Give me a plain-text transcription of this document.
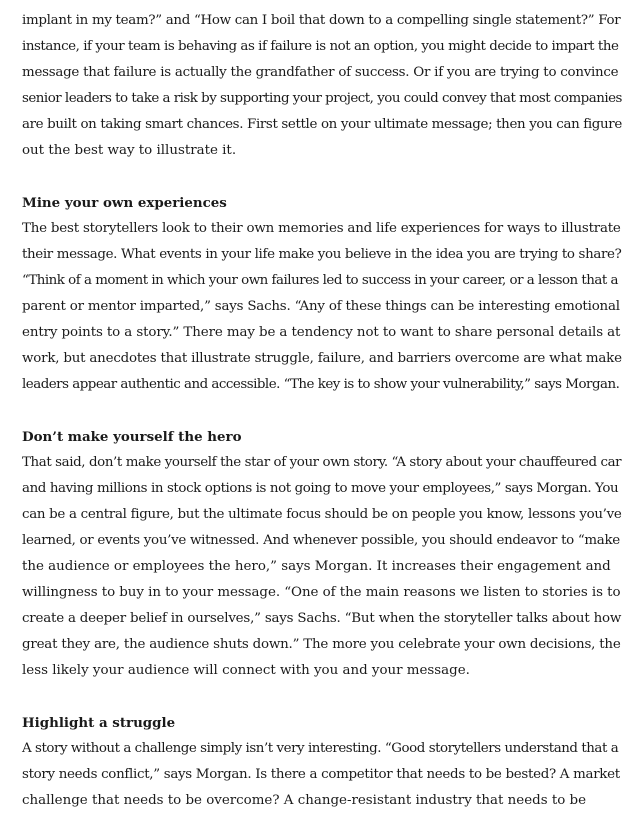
implant in my team?” and “How can I boil that down to a compelling single statement?” For
instance, if your team is behaving as if failure is not an option, you might decide to impart the
message that failure is actually the grandfather of success. Or if you are trying to convince
senior leaders to take a risk by supporting your project, you could convey that most companies
are built on taking smart chances. First settle on your ultimate message; then you can figure
out the best way to illustrate it.
Mine your own experiences
The best storytellers look to their own memories and life experiences for ways to illustrate
their message. What events in your life make you believe in the idea you are trying to share?
“Think of a moment in which your own failures led to success in your career, or a lesson that a
parent or mentor imparted,” says Sachs. “Any of these things can be interesting emotional
entry points to a story.” There may be a tendency not to want to share personal details at
work, but anecdotes that illustrate struggle, failure, and barriers overcome are what make
leaders appear authentic and accessible. “The key is to show your vulnerability,” says Morgan.
Don’t make yourself the hero
That said, don’t make yourself the star of your own story. “A story about your chauffeured car
and having millions in stock options is not going to move your employees,” says Morgan. You
can be a central figure, but the ultimate focus should be on people you know, lessons you’ve
learned, or events you’ve witnessed. And whenever possible, you should endeavor to “make
the audience or employees the hero,” says Morgan. It increases their engagement and
willingness to buy in to your message. “One of the main reasons we listen to stories is to
create a deeper belief in ourselves,” says Sachs. “But when the storyteller talks about how
great they are, the audience shuts down.” The more you celebrate your own decisions, the
less likely your audience will connect with you and your message.
Highlight a struggle
A story without a challenge simply isn’t very interesting. “Good storytellers understand that a
story needs conflict,” says Morgan. Is there a competitor that needs to be bested? A market
challenge that needs to be overcome? A change-resistant industry that needs to be
